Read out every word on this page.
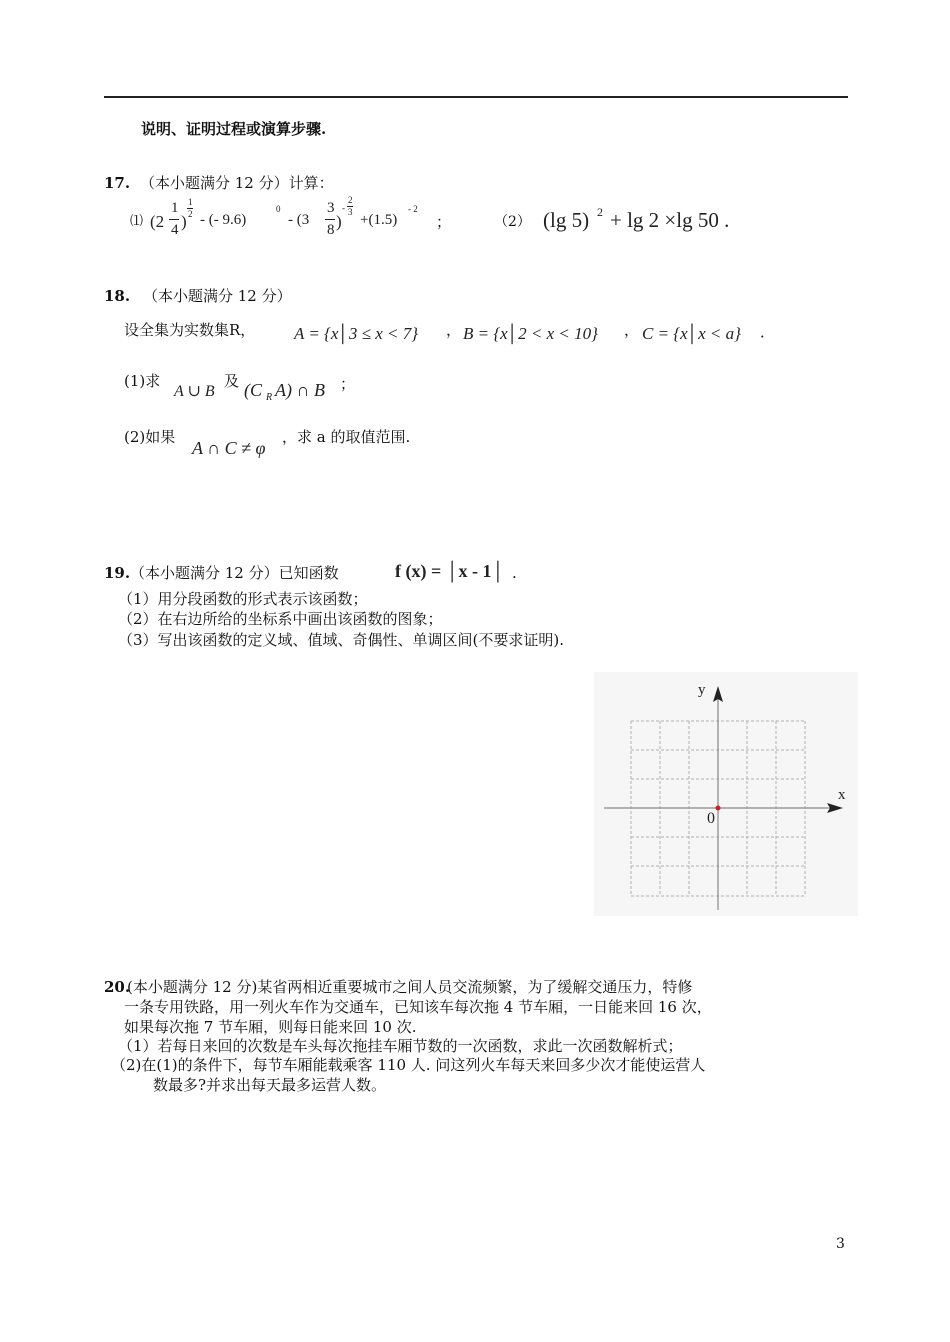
说明、证明过程或演算步骤.
17. （本小题满分 12 分）计算：
⑴ (2
1
4 )
1
2 - (- 9.6)
0
- (3
3
8 )
-
2
3 +(1.5)
- 2
；	（2） (lg 5) 2 + lg 2 ×lg 50 .
18. （本小题满分 12 分）
设全集为实数集R， A = {x│3 ≤ x < 7} ， B = {x│2 < x < 10} ， C = {x│x < a} ．
(1)求
A ∪ B
及 (C R A) ∩ B ；
(2)如果
A ∩ C ≠ φ
，求 a 的取值范围.
19. （本小题满分 12 分）已知函数	f (x) = │x - 1│ .
（1）用分段函数的形式表示该函数；
（2）在右边所给的坐标系中画出该函数的图象；
（3）写出该函数的定义域、值域、奇偶性、单调区间(不要求证明).
y
x
0
20.
(本小题满分 12 分)某省两相近重要城市之间人员交流频繁，为了缓解交通压力，特修
一条专用铁路，用一列火车作为交通车，已知该车每次拖 4 节车厢，一日能来回 16 次，
如果每次拖 7 节车厢，则每日能来回 10 次.
（1）若每日来回的次数是车头每次拖挂车厢节数的一次函数，求此一次函数解析式；
（2)在(1)的条件下，每节车厢能载乘客 110 人. 问这列火车每天来回多少次才能使运营人
数最多?并求出每天最多运营人数。
3
